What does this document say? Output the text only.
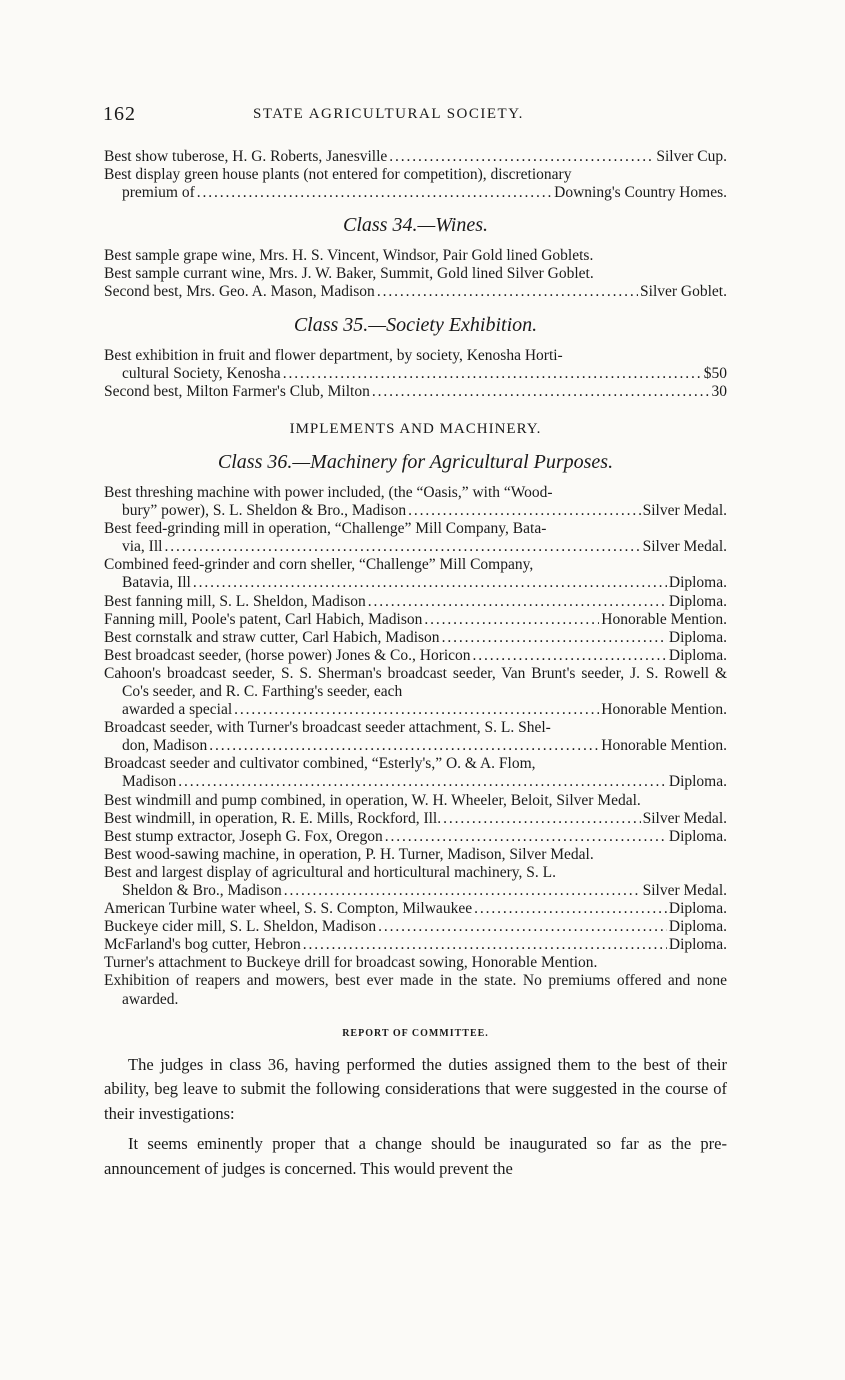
162	STATE AGRICULTURAL SOCIETY.
Best show tuberose, H. G. Roberts, Janesville . . .	Silver Cup.
Best display green house plants (not entered for competition), discretionary
premium of . . .	Downing's Country Homes.
Class 34.—Wines.
Best sample grape wine, Mrs. H. S. Vincent, Windsor, Pair Gold lined Goblets.
Best sample currant wine, Mrs. J. W. Baker, Summit, Gold lined Silver Goblet.
Second best, Mrs. Geo. A. Mason, Madison . . .	Silver Goblet.
Class 35.—Society Exhibition.
Best exhibition in fruit and flower department, by society, Kenosha Horti-
cultural Society, Kenosha . . .	$50
Second best, Milton Farmer's Club, Milton . . .	30
IMPLEMENTS AND MACHINERY.
Class 36.—Machinery for Agricultural Purposes.
Best threshing machine with power included, (the “Oasis,” with “Wood-
bury” power), S. L. Sheldon & Bro., Madison . . .	Silver Medal.
Best feed-grinding mill in operation, “Challenge” Mill Company, Bata-
via, Ill . . .	Silver Medal.
Combined feed-grinder and corn sheller, “Challenge” Mill Company,
Batavia, Ill . . .	Diploma.
Best fanning mill, S. L. Sheldon, Madison . . .	Diploma.
Fanning mill, Poole's patent, Carl Habich, Madison . . .	Honorable Mention.
Best cornstalk and straw cutter, Carl Habich, Madison . . .	Diploma.
Best broadcast seeder, (horse power) Jones & Co., Horicon . . .	Diploma.
Cahoon's broadcast seeder, S. S. Sherman's broadcast seeder, Van Brunt's seeder, J. S. Rowell & Co's seeder, and R. C. Farthing's seeder, each
awarded a special . . .	Honorable Mention.
Broadcast seeder, with Turner's broadcast seeder attachment, S. L. Shel-
don, Madison . . .	Honorable Mention.
Broadcast seeder and cultivator combined, “Esterly's,” O. & A. Flom,
Madison . . .	Diploma.
Best windmill and pump combined, in operation, W. H. Wheeler, Beloit, Silver Medal.
Best windmill, in operation, R. E. Mills, Rockford, Ill. . . .	Silver Medal.
Best stump extractor, Joseph G. Fox, Oregon . . .	Diploma.
Best wood-sawing machine, in operation, P. H. Turner, Madison, Silver Medal.
Best and largest display of agricultural and horticultural machinery, S. L.
Sheldon & Bro., Madison . . .	Silver Medal.
American Turbine water wheel, S. S. Compton, Milwaukee . . .	Diploma.
Buckeye cider mill, S. L. Sheldon, Madison . . .	Diploma.
McFarland's bog cutter, Hebron . . .	Diploma.
Turner's attachment to Buckeye drill for broadcast sowing, Honorable Mention.
Exhibition of reapers and mowers, best ever made in the state. No premiums offered and none awarded.
REPORT OF COMMITTEE.

The judges in class 36, having performed the duties assigned them to the best of their ability, beg leave to submit the following considerations that were suggested in the course of their investigations:

It seems eminently proper that a change should be inaugurated so far as the pre-announcement of judges is concerned. This would prevent the
